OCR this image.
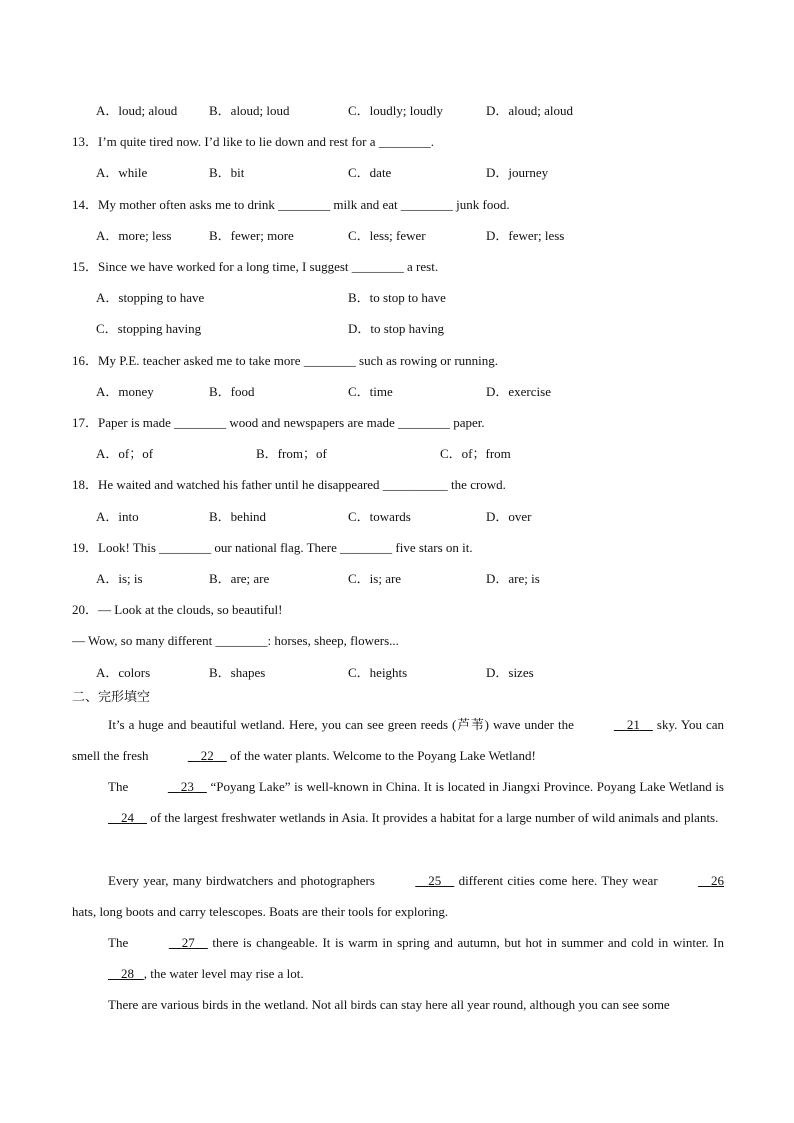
A．loud; aloud B．aloud; loud	C．loudly; loudly	D．aloud; aloud
13．I’m quite tired now. I’d like to lie down and rest for a ________.
A．while	B．bit	C．date	D．journey
14．My mother often asks me to drink ________ milk and eat ________ junk food.
A．more; less	B．fewer; more	C．less; fewer	D．fewer; less
15．Since we have worked for a long time, I suggest ________ a rest.
A．stopping to have	B．to stop to have
C．stopping having	D．to stop having
16．My P.E. teacher asked me to take more ________ such as rowing or running.
A．money	B．food	C．time	D．exercise
17．Paper is made ________ wood and newspapers are made ________ paper.
A．of；of	B．from；of	C．of；from
18．He waited and watched his father until he disappeared __________ the crowd.
A．into	B．behind	C．towards	D．over
19．Look! This ________ our national flag. There ________ five stars on it.
A．is; is	B．are; are	C．is; are	D．are; is
20．— Look at the clouds, so beautiful!
— Wow, so many different ________: horses, sheep, flowers...
A．colors	B．shapes	C．heights	D．sizes
二、完形填空
It’s a huge and beautiful wetland. Here, you can see green reeds (芦苇) wave under the	21     sky. You can smell the fresh	22     of the water plants. Welcome to the Poyang Lake Wetland!
The	23     “Poyang Lake” is well-known in China. It is located in Jiangxi Province. Poyang Lake Wetland is     24     of the largest freshwater wetlands in Asia. It provides a habitat for a large number of wild animals and plants.
Every year, many birdwatchers and photographers	25     different cities come here. They wear	26 hats, long boots and carry telescopes. Boats are their tools for exploring.
The	27     there is changeable. It is warm in spring and autumn, but hot in summer and cold in winter. In     28 , the water level may rise a lot.
There are various birds in the wetland. Not all birds can stay here all year round, although you can see some
